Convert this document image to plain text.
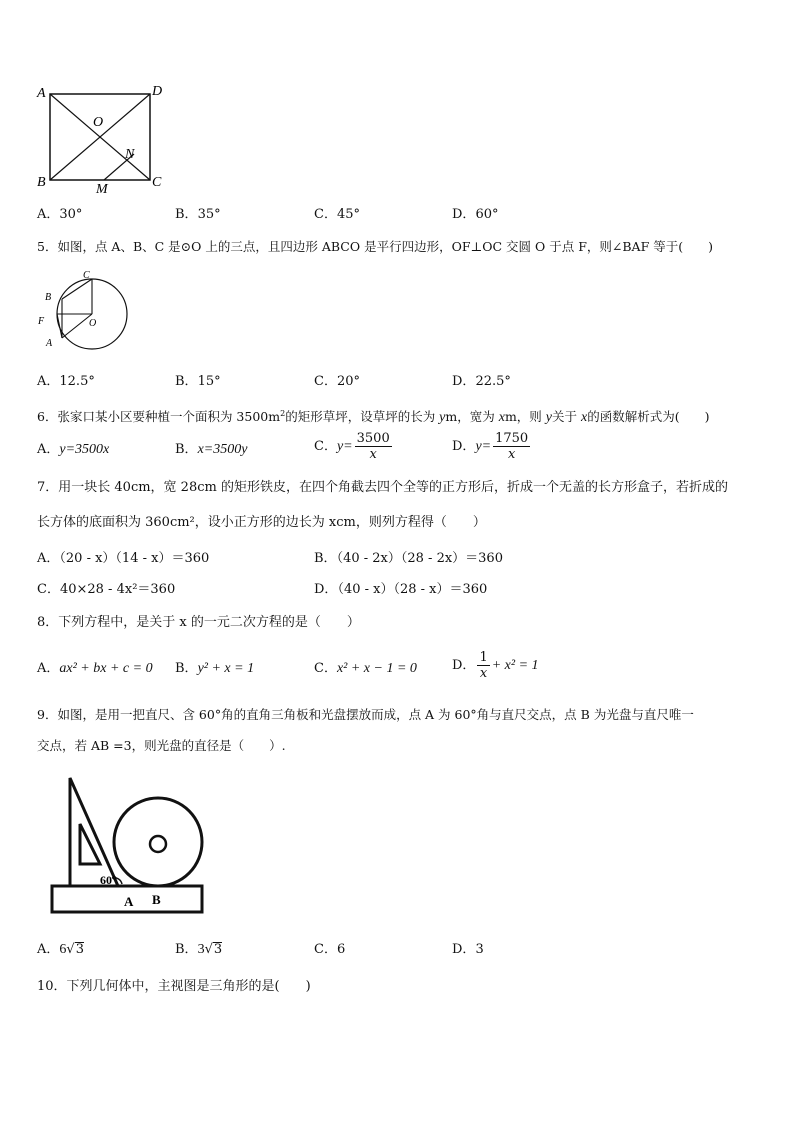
A	D
O
N
B	M	C
A．30°	B．35°	C．45°	D．60°
5．如图，点 A、B、C 是⊙O 上的三点，且四边形 ABCO 是平行四边形，OF⊥OC 交圆 O 于点 F，则∠BAF 等于(　　)
C
B
F	O
A
A．12.5°	B．15°	C．20°	D．22.5°
6．张家口某小区要种植一个面积为 $3500m^2$的矩形草坪，设草坪的长为 ym，宽为 xm，则 y关于 x的函数解析式为(　　)
A．y=3500x	B．x=3500y	C．$y= \frac{3500}{x}$	D．$y= \frac{1750}{x}$
7．用一块长 40cm，宽 28cm 的矩形铁皮，在四个角截去四个全等的正方形后，折成一个无盖的长方形盒子，若折成的
长方体的底面积为 360cm²，设小正方形的边长为 xcm，则列方程得（　　）
A．（20 - x）（14 - x）＝360	B．（40 - 2x）（28 - 2x）＝360
C．40×28 - 4x²＝360	D．（40 - x）（28 - x）＝360
8．下列方程中，是关于 x 的一元二次方程的是（　　）
A．ax² + bx + c = 0 B．y² + x = 1	C．x² + x − 1 = 0	D． $\frac{1}{x} + x^2 = 1$
9．如图，是用一把直尺、含 60°角的直角三角板和光盘摆放而成，点 A 为 60°角与直尺交点，点 B 为光盘与直尺唯一
交点，若 AB =3，则光盘的直径是（　　）.
60°
A B
A．6√3	B．3√3	C．6	D．3
10．下列几何体中，主视图是三角形的是(　　)
